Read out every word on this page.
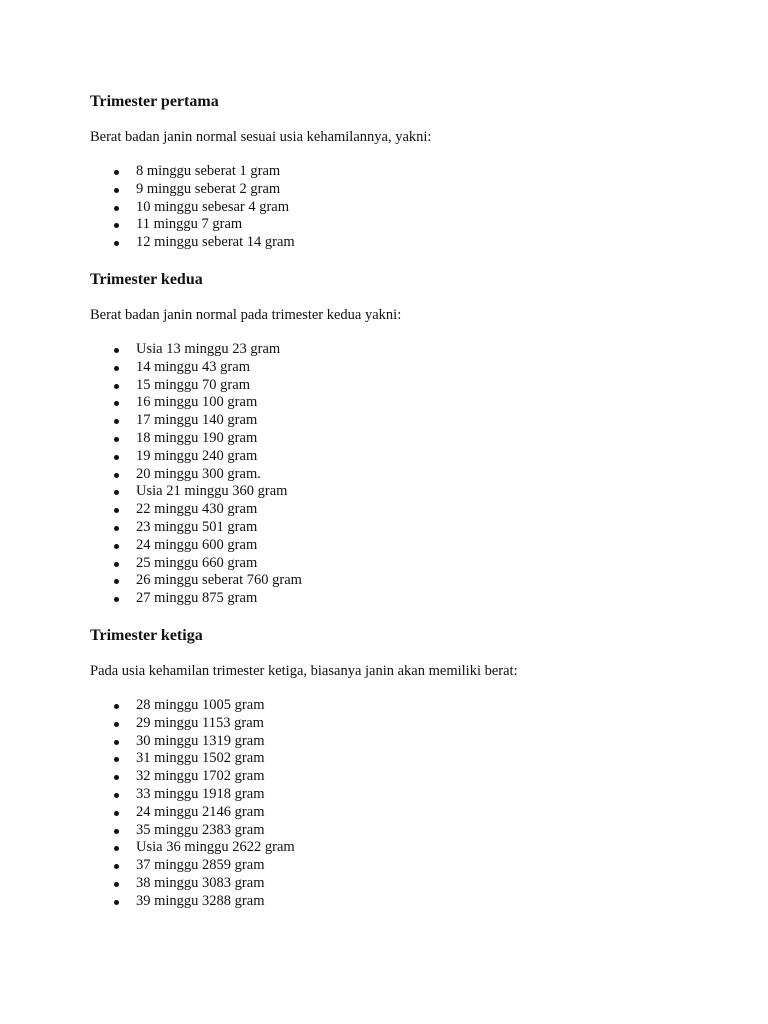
Trimester pertama

Berat badan janin normal sesuai usia kehamilannya, yakni:

8 minggu seberat 1 gram
9 minggu seberat 2 gram
10 minggu sebesar 4 gram
11 minggu 7 gram
12 minggu seberat 14 gram
Trimester kedua

Berat badan janin normal pada trimester kedua yakni:

Usia 13 minggu 23 gram
14 minggu 43 gram
15 minggu 70 gram
16 minggu 100 gram
17 minggu 140 gram
18 minggu 190 gram
19 minggu 240 gram
20 minggu 300 gram.
Usia 21 minggu 360 gram
22 minggu 430 gram
23 minggu 501 gram
24 minggu 600 gram
25 minggu 660 gram
26 minggu seberat 760 gram
27 minggu 875 gram
Trimester ketiga

Pada usia kehamilan trimester ketiga, biasanya janin akan memiliki berat:

28 minggu 1005 gram
29 minggu 1153 gram
30 minggu 1319 gram
31 minggu 1502 gram
32 minggu 1702 gram
33 minggu 1918 gram
24 minggu 2146 gram
35 minggu 2383 gram
Usia 36 minggu 2622 gram
37 minggu 2859 gram
38 minggu 3083 gram
39 minggu 3288 gram
